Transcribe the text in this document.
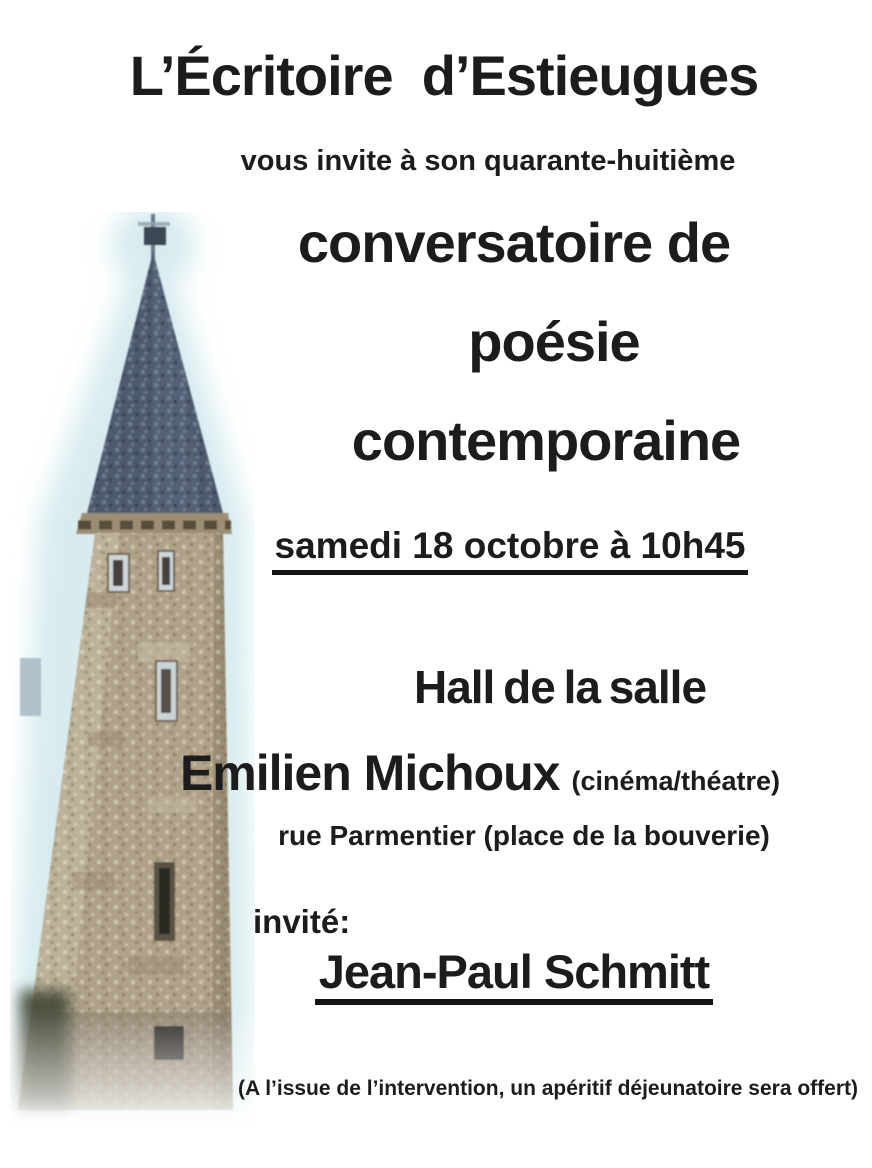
L’Écritoire  d’Estieugues
vous invite à son quarante-huitième
conversatoire de
poésie
contemporaine
samedi 18 octobre à 10h45
Hall de la salle
Emilien Michoux (cinéma/théatre)
rue Parmentier (place de la bouverie)
invité:
Jean-Paul Schmitt
(A l’issue de l’intervention, un apéritif déjeunatoire sera offert)
